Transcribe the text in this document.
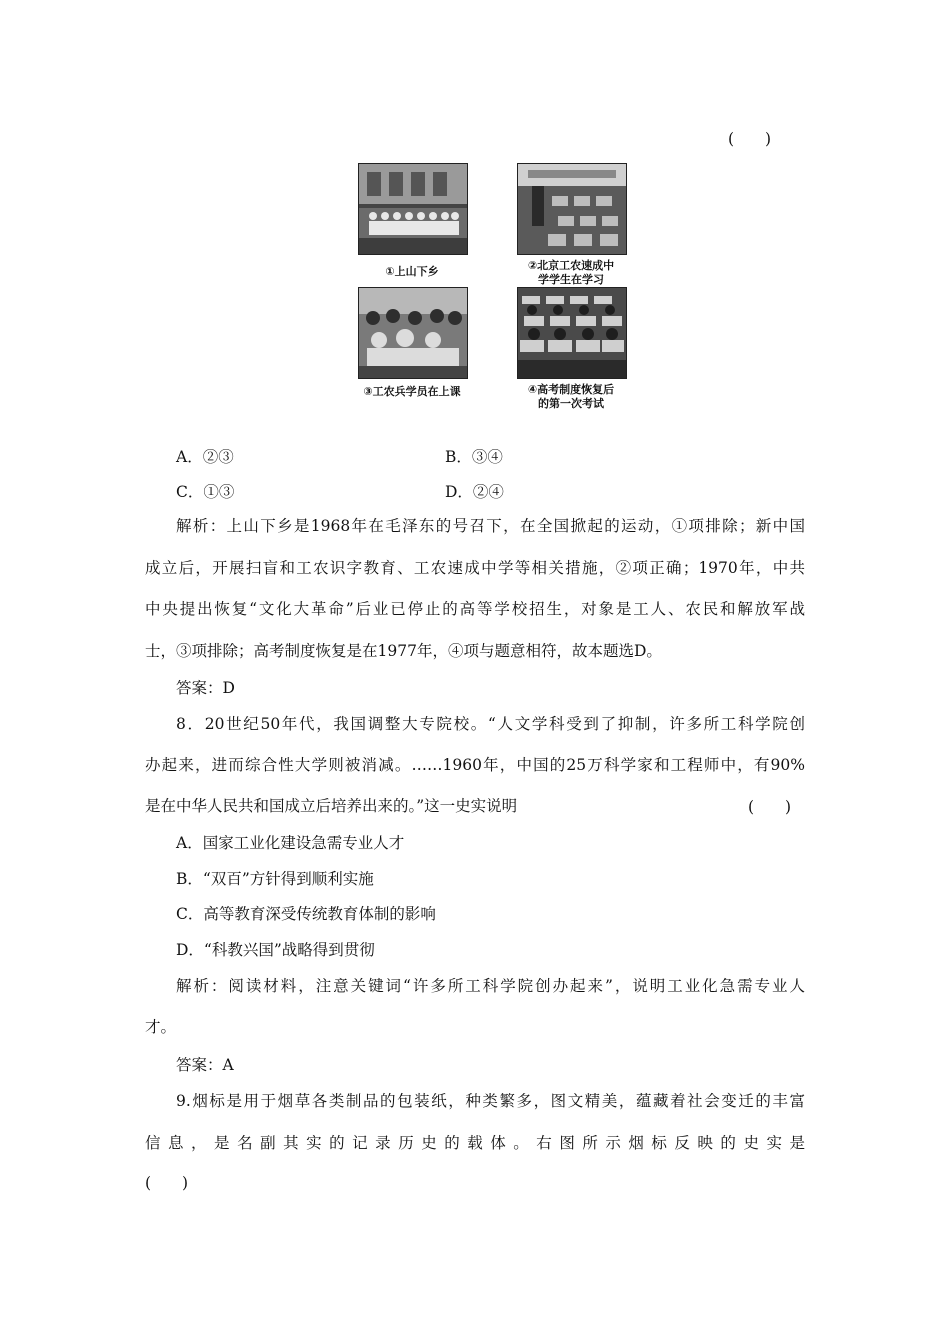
(　　)
①上山下乡	②北京工农速成中
学学生在学习
③工农兵学员在上课	④高考制度恢复后
的第一次考试
A．②③	B．③④
C．①③	D．②④
解析：上山下乡是1968年在毛泽东的号召下，在全国掀起的运动，①项排除；新中国
成立后，开展扫盲和工农识字教育、工农速成中学等相关措施，②项正确；1970年，中共
中央提出恢复“文化大革命”后业已停止的高等学校招生，对象是工人、农民和解放军战
士，③项排除；高考制度恢复是在1977年，④项与题意相符，故本题选D。
答案：D
8．20世纪50年代，我国调整大专院校。“人文学科受到了抑制，许多所工科学院创
办起来，进而综合性大学则被消减。……1960年，中国的25万科学家和工程师中，有90%
是在中华人民共和国成立后培养出来的。”这一史实说明	(　　)
A．国家工业化建设急需专业人才
B．“双百”方针得到顺利实施
C．高等教育深受传统教育体制的影响
D．“科教兴国”战略得到贯彻
解析：阅读材料，注意关键词“许多所工科学院创办起来”，说明工业化急需专业人
才。
答案：A
9.烟标是用于烟草各类制品的包装纸，种类繁多，图文精美，蕴藏着社会变迁的丰富
信息，是名副其实的记录历史的载体。右图所示烟标反映的史实是
(　　)
